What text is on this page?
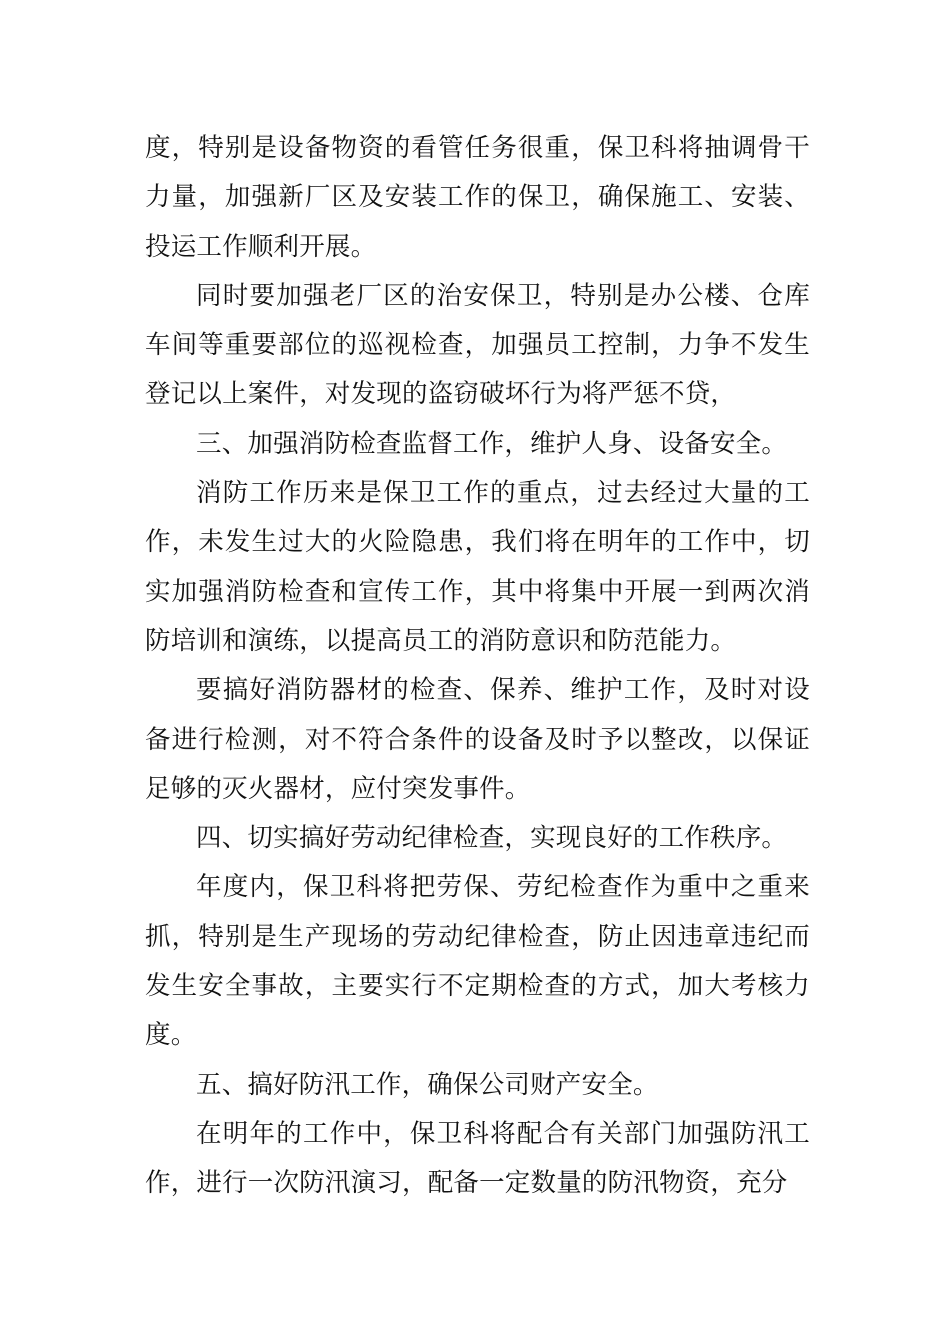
度，特别是设备物资的看管任务很重，保卫科将抽调骨干力量，加强新厂区及安装工作的保卫，确保施工、安装、投运工作顺利开展。

同时要加强老厂区的治安保卫，特别是办公楼、仓库车间等重要部位的巡视检查，加强员工控制，力争不发生登记以上案件，对发现的盗窃破坏行为将严惩不贷，

三、加强消防检查监督工作，维护人身、设备安全。

消防工作历来是保卫工作的重点，过去经过大量的工作，未发生过大的火险隐患，我们将在明年的工作中，切实加强消防检查和宣传工作，其中将集中开展一到两次消防培训和演练，以提高员工的消防意识和防范能力。

要搞好消防器材的检查、保养、维护工作，及时对设备进行检测，对不符合条件的设备及时予以整改，以保证足够的灭火器材，应付突发事件。

四、切实搞好劳动纪律检查，实现良好的工作秩序。

年度内，保卫科将把劳保、劳纪检查作为重中之重来抓，特别是生产现场的劳动纪律检查，防止因违章违纪而发生安全事故，主要实行不定期检查的方式，加大考核力度。

五、搞好防汛工作，确保公司财产安全。

在明年的工作中，保卫科将配合有关部门加强防汛工作，进行一次防汛演习，配备一定数量的防汛物资，充分
